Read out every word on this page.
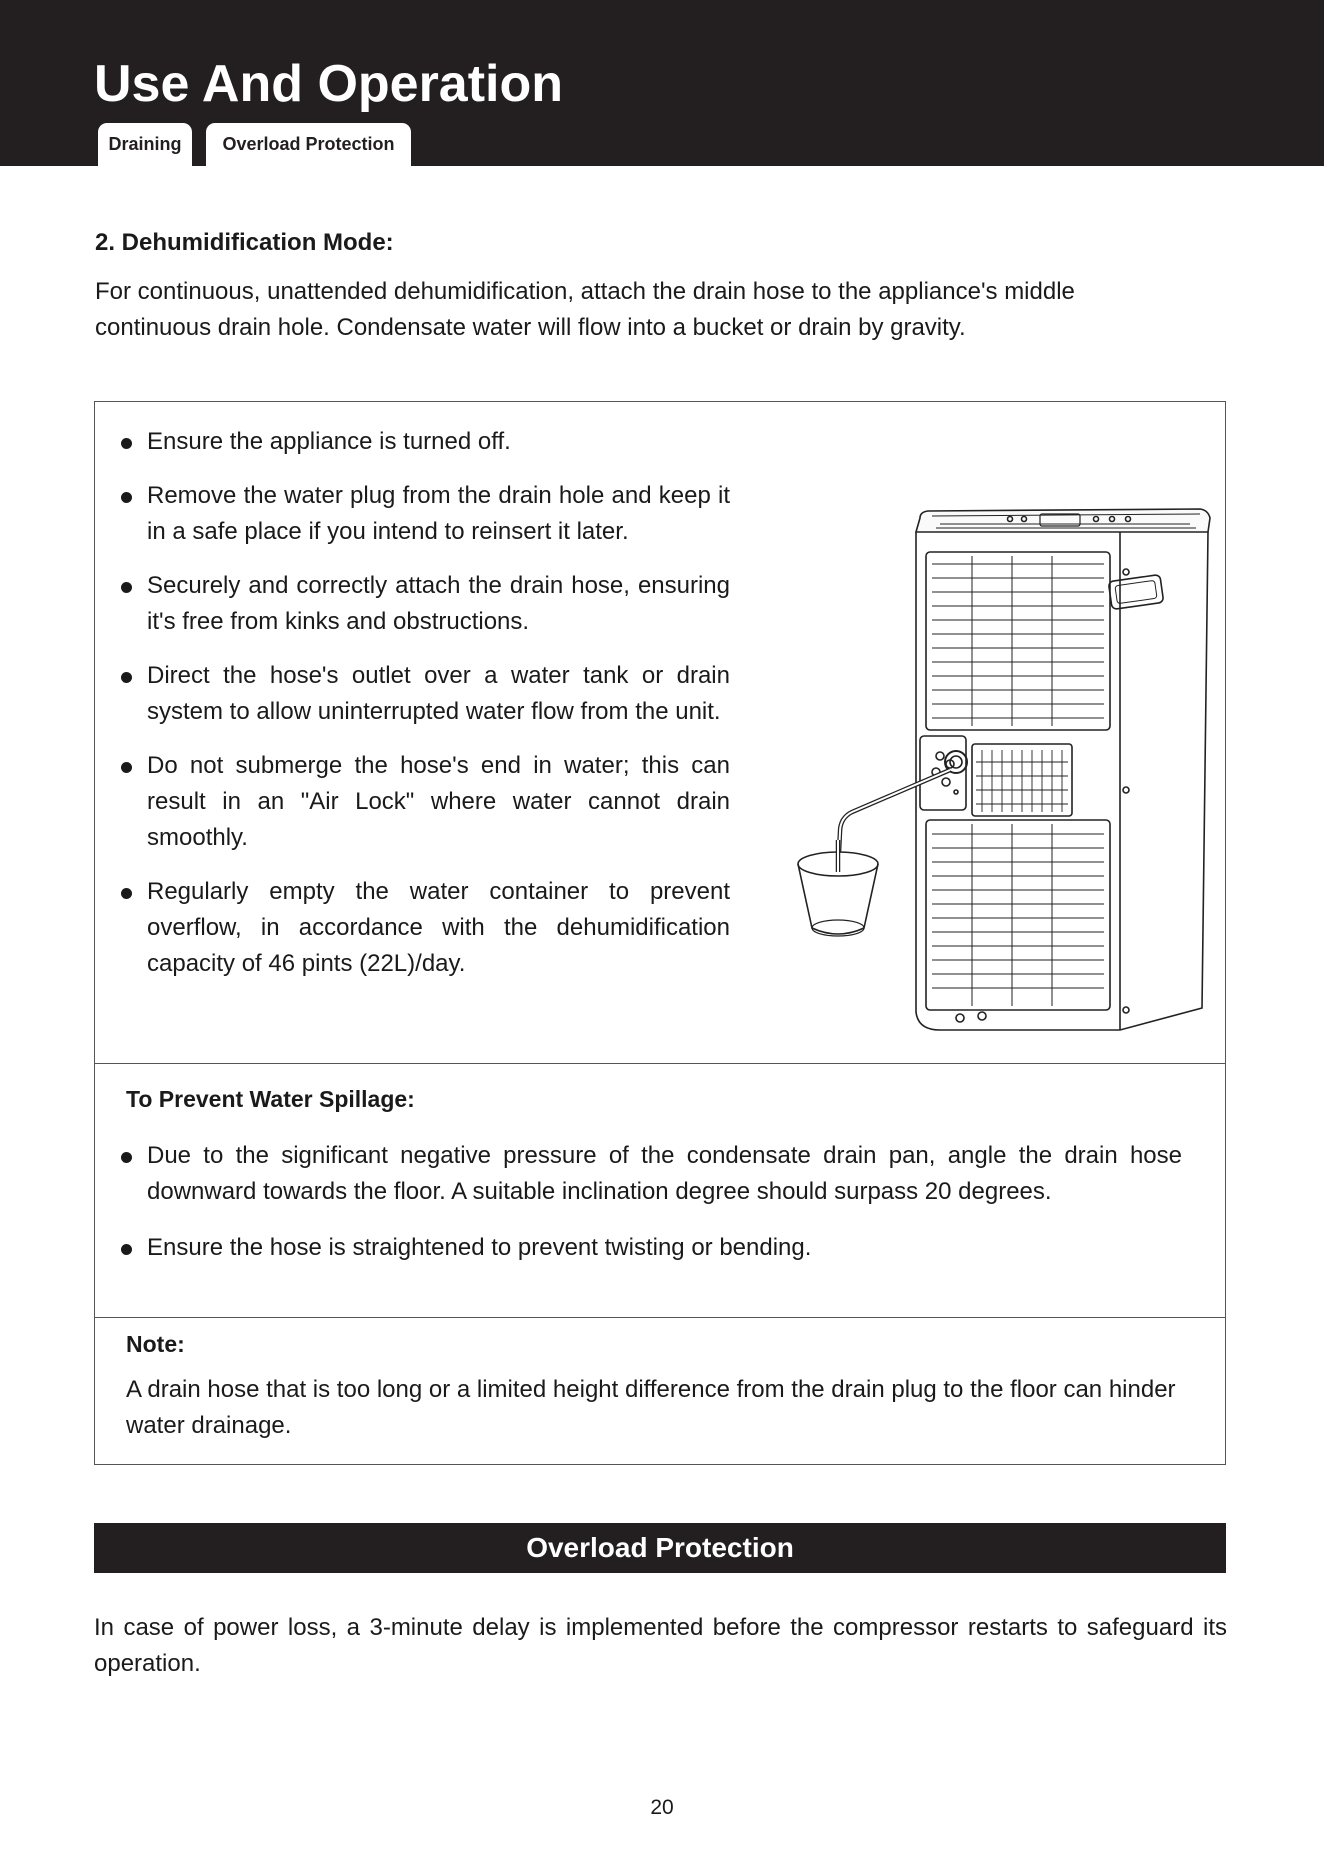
Use And Operation
Draining	Overload Protection
2. Dehumidification Mode:

For continuous, unattended dehumidification, attach the drain hose to the appliance's middle
continuous drain hole. Condensate water will flow into a bucket or drain by gravity.

Ensure the appliance is turned off.
Remove the water plug from the drain hole and keep it in a safe place if you intend to reinsert it later.
Securely and correctly attach the drain hose, ensuring it's free from kinks and obstructions.
Direct the hose's outlet over a water tank or drain system to allow uninterrupted water flow from the unit.
Do not submerge the hose's end in water; this can result in an "Air Lock" where water cannot drain smoothly.
Regularly empty the water container to prevent overflow, in accordance with the dehumidification capacity of 46 pints (22L)/day.
To Prevent Water Spillage:
Due to the significant negative pressure of the condensate drain pan, angle the drain hose downward towards the floor. A suitable inclination degree should surpass 20 degrees.
Ensure the hose is straightened to prevent twisting or bending.
Note:

A drain hose that is too long or a limited height difference from the drain plug to the floor can hinder water drainage.

Overload Protection

In case of power loss, a 3-minute delay is implemented before the compressor restarts to safeguard its operation.

20
